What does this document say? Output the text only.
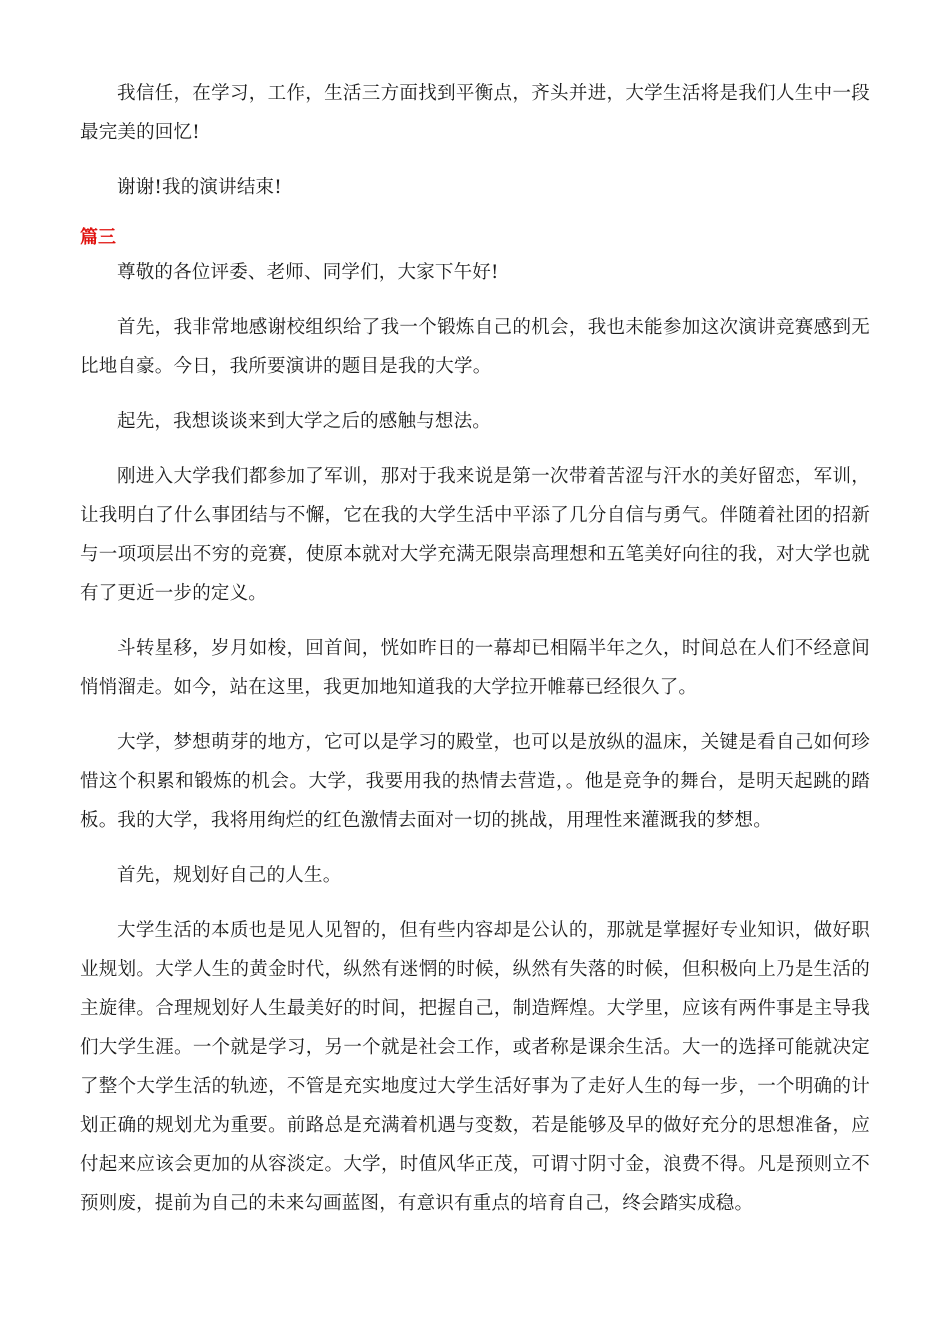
我信任，在学习，工作，生活三方面找到平衡点，齐头并进，大学生活将是我们人生中一段最完美的回忆!

谢谢!我的演讲结束!

篇三

尊敬的各位评委、老师、同学们，大家下午好!

首先，我非常地感谢校组织给了我一个锻炼自己的机会，我也未能参加这次演讲竞赛感到无比地自豪。今日，我所要演讲的题目是我的大学。

起先，我想谈谈来到大学之后的感触与想法。

刚进入大学我们都参加了军训，那对于我来说是第一次带着苦涩与汗水的美好留恋，军训，让我明白了什么事团结与不懈，它在我的大学生活中平添了几分自信与勇气。伴随着社团的招新与一项项层出不穷的竞赛，使原本就对大学充满无限崇高理想和五笔美好向往的我，对大学也就有了更近一步的定义。

斗转星移，岁月如梭，回首间，恍如昨日的一幕却已相隔半年之久，时间总在人们不经意间悄悄溜走。如今，站在这里，我更加地知道我的大学拉开帷幕已经很久了。

大学，梦想萌芽的地方，它可以是学习的殿堂，也可以是放纵的温床，关键是看自己如何珍惜这个积累和锻炼的机会。大学，我要用我的热情去营造，。他是竞争的舞台，是明天起跳的踏板。我的大学，我将用绚烂的红色激情去面对一切的挑战，用理性来灌溉我的梦想。

首先，规划好自己的人生。

大学生活的本质也是见人见智的，但有些内容却是公认的，那就是掌握好专业知识，做好职业规划。大学人生的黄金时代，纵然有迷惘的时候，纵然有失落的时候，但积极向上乃是生活的主旋律。合理规划好人生最美好的时间，把握自己，制造辉煌。大学里，应该有两件事是主导我们大学生涯。一个就是学习，另一个就是社会工作，或者称是课余生活。大一的选择可能就决定了整个大学生活的轨迹，不管是充实地度过大学生活好事为了走好人生的每一步，一个明确的计划正确的规划尤为重要。前路总是充满着机遇与变数，若是能够及早的做好充分的思想准备，应付起来应该会更加的从容淡定。大学，时值风华正茂，可谓寸阴寸金，浪费不得。凡是预则立不预则废，提前为自己的未来勾画蓝图，有意识有重点的培育自己，终会踏实成稳。
